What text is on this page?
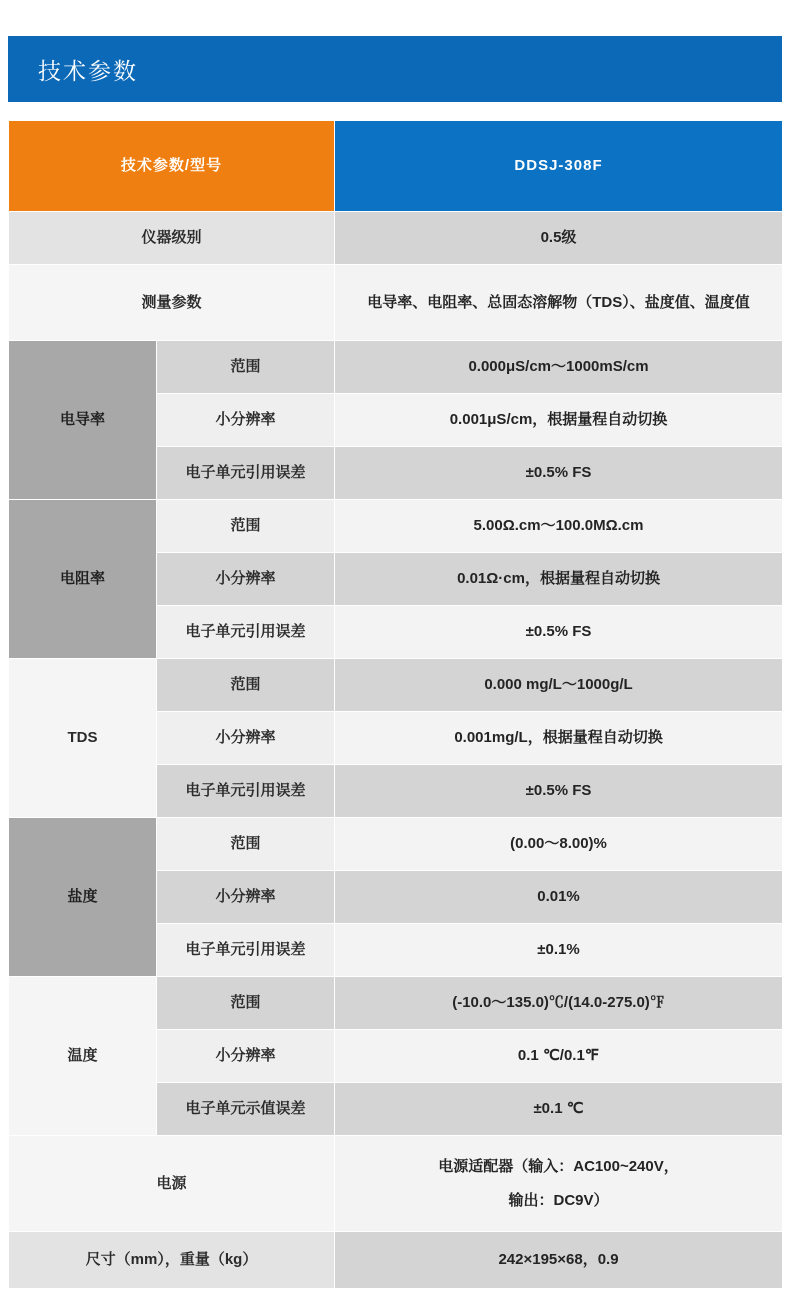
技术参数
技术参数/型号		DDSJ-308F
仪器级别		0.5级
测量参数		电导率、电阻率、总固态溶解物（TDS）、盐度值、温度值
电导率	范围	0.000μS/cm～1000mS/cm
	小分辨率	0.001μS/cm，根据量程自动切换
	电子单元引用误差	±0.5% FS
电阻率	范围	5.00Ω.cm～100.0MΩ.cm
	小分辨率	0.01Ω·cm，根据量程自动切换
	电子单元引用误差	±0.5% FS
TDS	范围	0.000 mg/L～1000g/L
	小分辨率	0.001mg/L，根据量程自动切换
	电子单元引用误差	±0.5% FS
盐度	范围	(0.00～8.00)%
	小分辨率	0.01%
	电子单元引用误差	±0.1%
温度	范围	(-10.0～135.0)℃/(14.0-275.0)℉
	小分辨率	0.1 ℃/0.1℉
	电子单元示值误差	±0.1 ℃
电源		电源适配器（输入：AC100~240V，
输出：DC9V）

尺寸（mm），重量（kg）		242×195×68，0.9
